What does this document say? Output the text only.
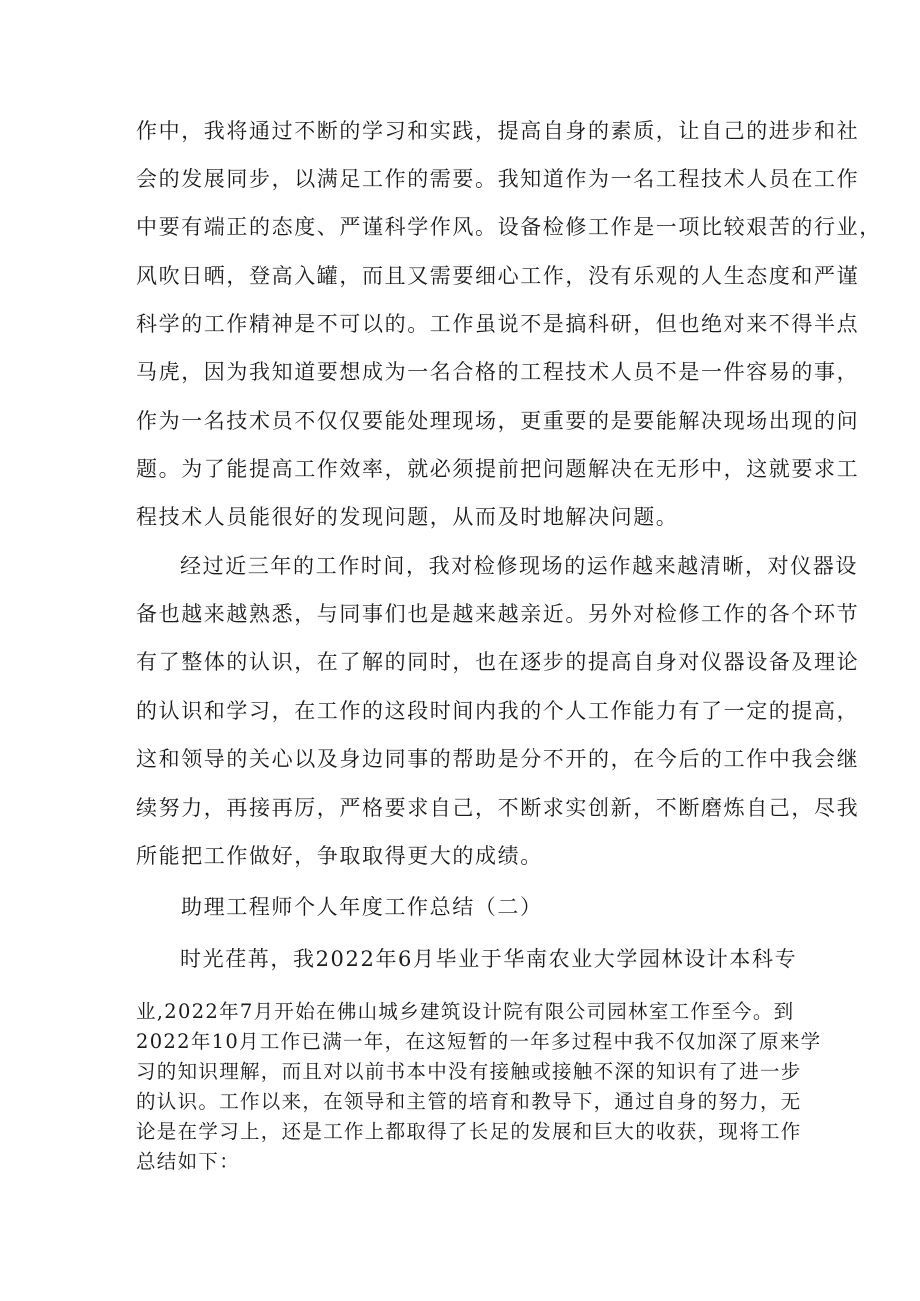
作中，我将通过不断的学习和实践，提高自身的素质，让自己的进步和社
会的发展同步，以满足工作的需要。我知道作为一名工程技术人员在工作
中要有端正的态度、严谨科学作风。设备检修工作是一项比较艰苦的行业，
风吹日晒，登高入罐，而且又需要细心工作，没有乐观的人生态度和严谨
科学的工作精神是不可以的。工作虽说不是搞科研，但也绝对来不得半点
马虎，因为我知道要想成为一名合格的工程技术人员不是一件容易的事，
作为一名技术员不仅仅要能处理现场，更重要的是要能解决现场出现的问
题。为了能提高工作效率，就必须提前把问题解决在无形中，这就要求工
程技术人员能很好的发现问题，从而及时地解决问题。
经过近三年的工作时间，我对检修现场的运作越来越清晰，对仪器设
备也越来越熟悉，与同事们也是越来越亲近。另外对检修工作的各个环节
有了整体的认识，在了解的同时，也在逐步的提高自身对仪器设备及理论
的认识和学习，在工作的这段时间内我的个人工作能力有了一定的提高，
这和领导的关心以及身边同事的帮助是分不开的，在今后的工作中我会继
续努力，再接再厉，严格要求自己，不断求实创新，不断磨炼自己，尽我
所能把工作做好，争取取得更大的成绩。
助理工程师个人年度工作总结（二）
时光荏苒，我2022年6月毕业于华南农业大学园林设计本科专
业,2022年7月开始在佛山城乡建筑设计院有限公司园林室工作至今。到
2022年10月工作已满一年，在这短暂的一年多过程中我不仅加深了原来学
习的知识理解，而且对以前书本中没有接触或接触不深的知识有了进一步
的认识。工作以来，在领导和主管的培育和教导下，通过自身的努力，无
论是在学习上，还是工作上都取得了长足的发展和巨大的收获，现将工作
总结如下：
